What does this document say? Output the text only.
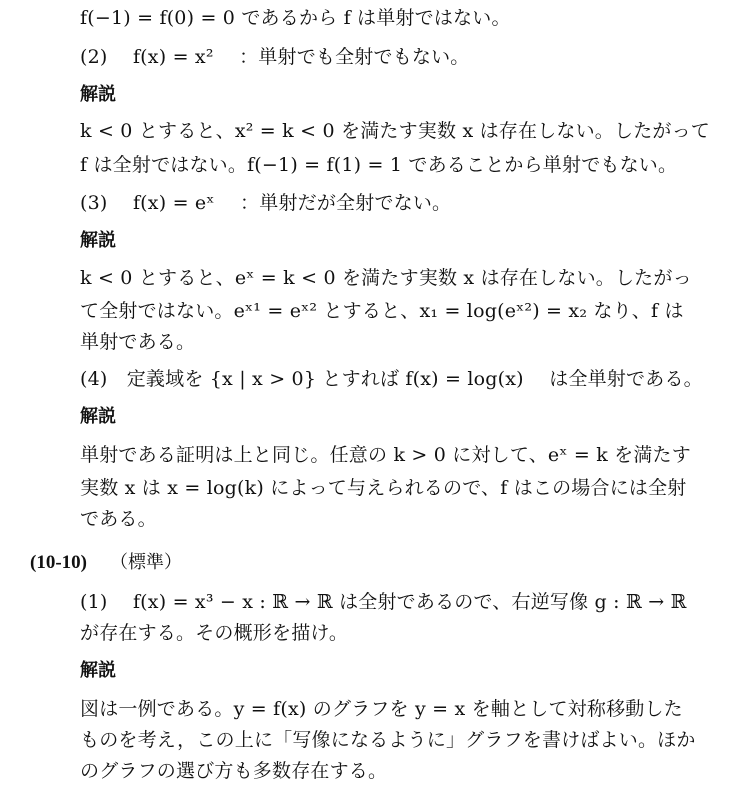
f(−1) = f(0) = 0 であるから f は単射ではない。
(2)　 f(x) = x²　 ：単射でも全射でもない。
解説
k < 0 とすると、x² = k < 0 を満たす実数 x は存在しない。したがって
f は全射ではない。f(−1) = f(1) = 1 であることから単射でもない。
(3)　 f(x) = eˣ　 ：単射だが全射でない。
解説
k < 0 とすると、eˣ = k < 0 を満たす実数 x は存在しない。したがっ
て全射ではない。eˣ¹ = eˣ² とすると、x₁ = log(eˣ²) = x₂ なり、f は
単射である。
(4)　定義域を {x | x > 0} とすれば f(x) = log(x)　 は全単射である。
解説
単射である証明は上と同じ。任意の k > 0 に対して、eˣ = k を満たす
実数 x は x = log(k) によって与えられるので、f はこの場合には全射
である。
(10-10) （標準）
(1)　 f(x) = x³ − x : ℝ → ℝ は全射であるので、右逆写像 g : ℝ → ℝ
が存在する。その概形を描け。
解説
図は一例である。y = f(x) のグラフを y = x を軸として対称移動した
ものを考え，この上に「写像になるように」グラフを書けばよい。ほか
のグラフの選び方も多数存在する。
